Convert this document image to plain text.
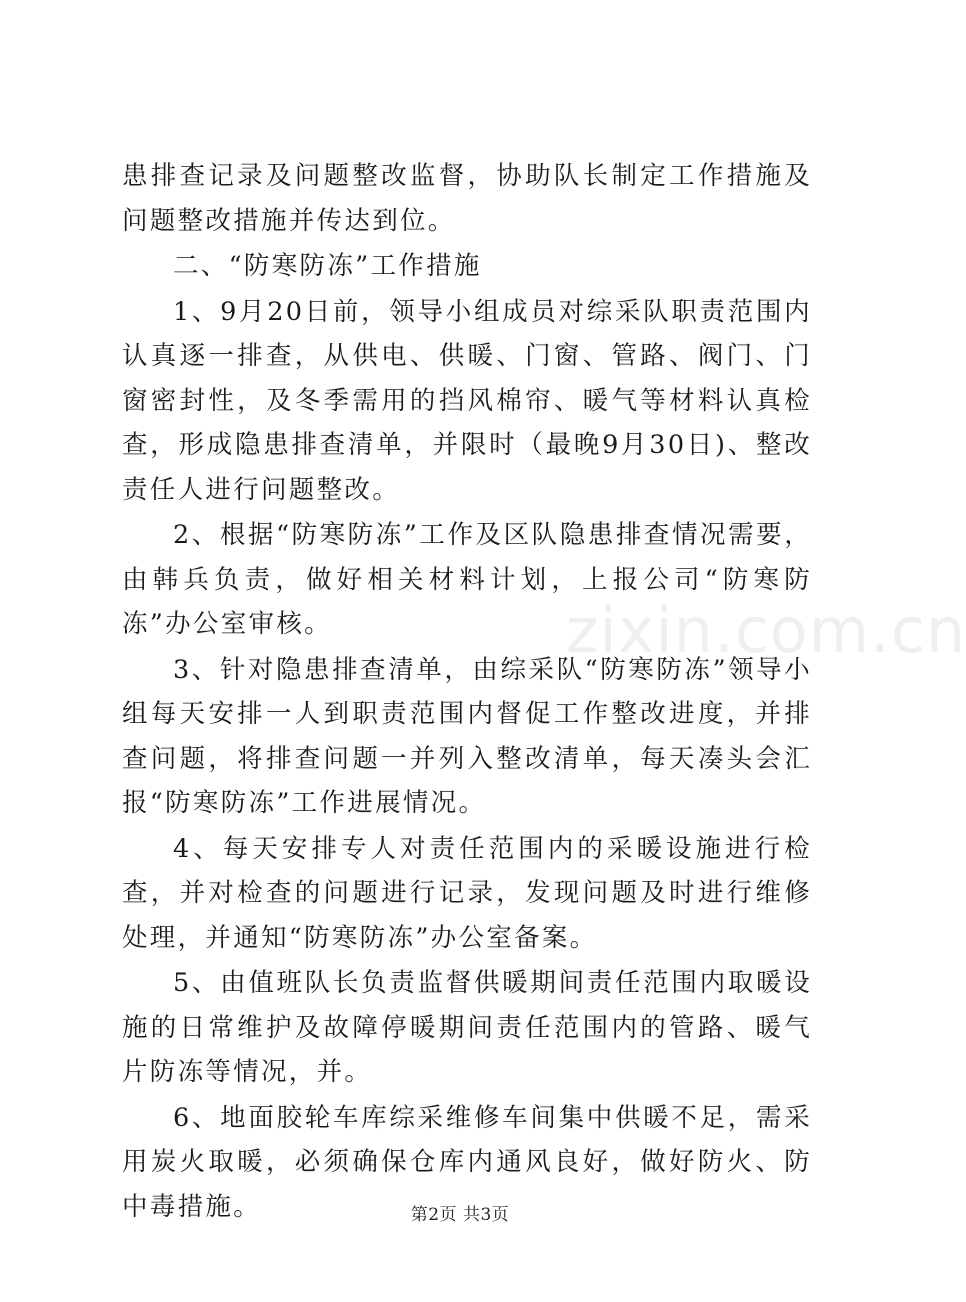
患排查记录及问题整改监督，协助队长制定工作措施及问题整改措施并传达到位。

二、“防寒防冻”工作措施

1、9月20日前，领导小组成员对综采队职责范围内认真逐一排查，从供电、供暖、门窗、管路、阀门、门窗密封性，及冬季需用的挡风棉帘、暖气等材料认真检查，形成隐患排查清单，并限时（最晚9月30日)、整改责任人进行问题整改。

2、根据“防寒防冻”工作及区队隐患排查情况需要，由韩兵负责，做好相关材料计划，上报公司“防寒防冻”办公室审核。

3、针对隐患排查清单，由综采队“防寒防冻”领导小组每天安排一人到职责范围内督促工作整改进度，并排查问题，将排查问题一并列入整改清单，每天凑头会汇报“防寒防冻”工作进展情况。

4、每天安排专人对责任范围内的采暖设施进行检查，并对检查的问题进行记录，发现问题及时进行维修处理，并通知“防寒防冻”办公室备案。

5、由值班队长负责监督供暖期间责任范围内取暖设施的日常维护及故障停暖期间责任范围内的管路、暖气片防冻等情况，并。

6、地面胶轮车库综采维修车间集中供暖不足，需采用炭火取暖，必须确保仓库内通风良好，做好防火、防中毒措施。

zixin.com.cn
第2页 共3页
